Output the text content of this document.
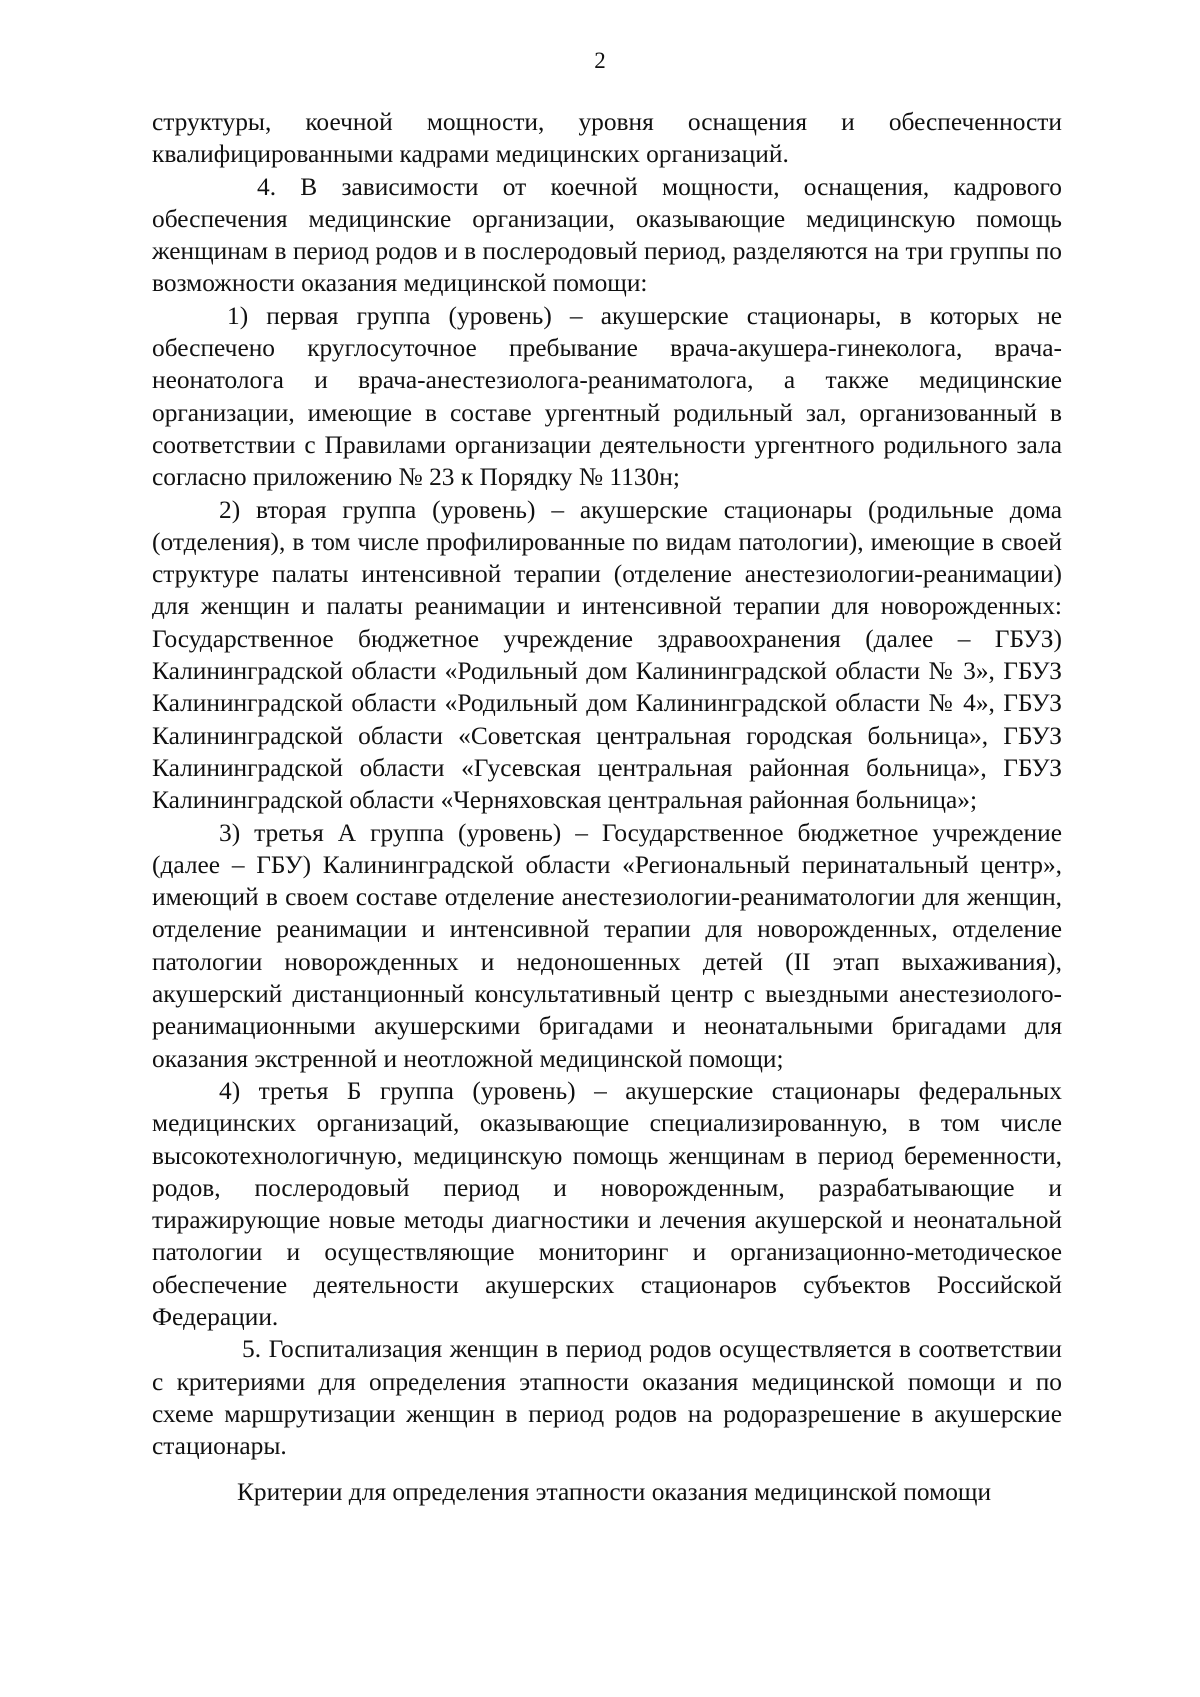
2

структуры, коечной мощности, уровня оснащения и обеспеченности квалифицированными кадрами медицинских организаций.

4. В зависимости от коечной мощности, оснащения, кадрового обеспечения медицинские организации, оказывающие медицинскую помощь женщинам в период родов и в послеродовый период, разделяются на три группы по возможности оказания медицинской помощи:

1) первая группа (уровень) – акушерские стационары, в которых не обеспечено круглосуточное пребывание врача-акушера-гинеколога, врача-неонатолога и врача-анестезиолога-реаниматолога, а также медицинские организации, имеющие в составе ургентный родильный зал, организованный в соответствии с Правилами организации деятельности ургентного родильного зала согласно приложению № 23 к Порядку № 1130н;

2) вторая группа (уровень) – акушерские стационары (родильные дома (отделения), в том числе профилированные по видам патологии), имеющие в своей структуре палаты интенсивной терапии (отделение анестезиологии-реанимации) для женщин и палаты реанимации и интенсивной терапии для новорожденных: Государственное бюджетное учреждение здравоохранения (далее – ГБУЗ) Калининградской области «Родильный дом Калининградской области № 3», ГБУЗ Калининградской области «Родильный дом Калининградской области № 4», ГБУЗ Калининградской области «Советская центральная городская больница», ГБУЗ Калининградской области «Гусевская центральная районная больница», ГБУЗ Калининградской области «Черняховская центральная районная больница»;

3) третья А группа (уровень) – Государственное бюджетное учреждение (далее – ГБУ) Калининградской области «Региональный перинатальный центр», имеющий в своем составе отделение анестезиологии-реаниматологии для женщин, отделение реанимации и интенсивной терапии для новорожденных, отделение патологии новорожденных и недоношенных детей (II этап выхаживания), акушерский дистанционный консультативный центр с выездными анестезиолого-реанимационными акушерскими бригадами и неонатальными бригадами для оказания экстренной и неотложной медицинской помощи;

4) третья Б группа (уровень) – акушерские стационары федеральных медицинских организаций, оказывающие специализированную, в том числе высокотехнологичную, медицинскую помощь женщинам в период беременности, родов, послеродовый период и новорожденным, разрабатывающие и тиражирующие новые методы диагностики и лечения акушерской и неонатальной патологии и осуществляющие мониторинг и организационно-методическое обеспечение деятельности акушерских стационаров субъектов Российской Федерации.

5. Госпитализация женщин в период родов осуществляется в соответствии с критериями для определения этапности оказания медицинской помощи и по схеме маршрутизации женщин в период родов на родоразрешение в акушерские стационары.

Критерии для определения этапности оказания медицинской помощи
